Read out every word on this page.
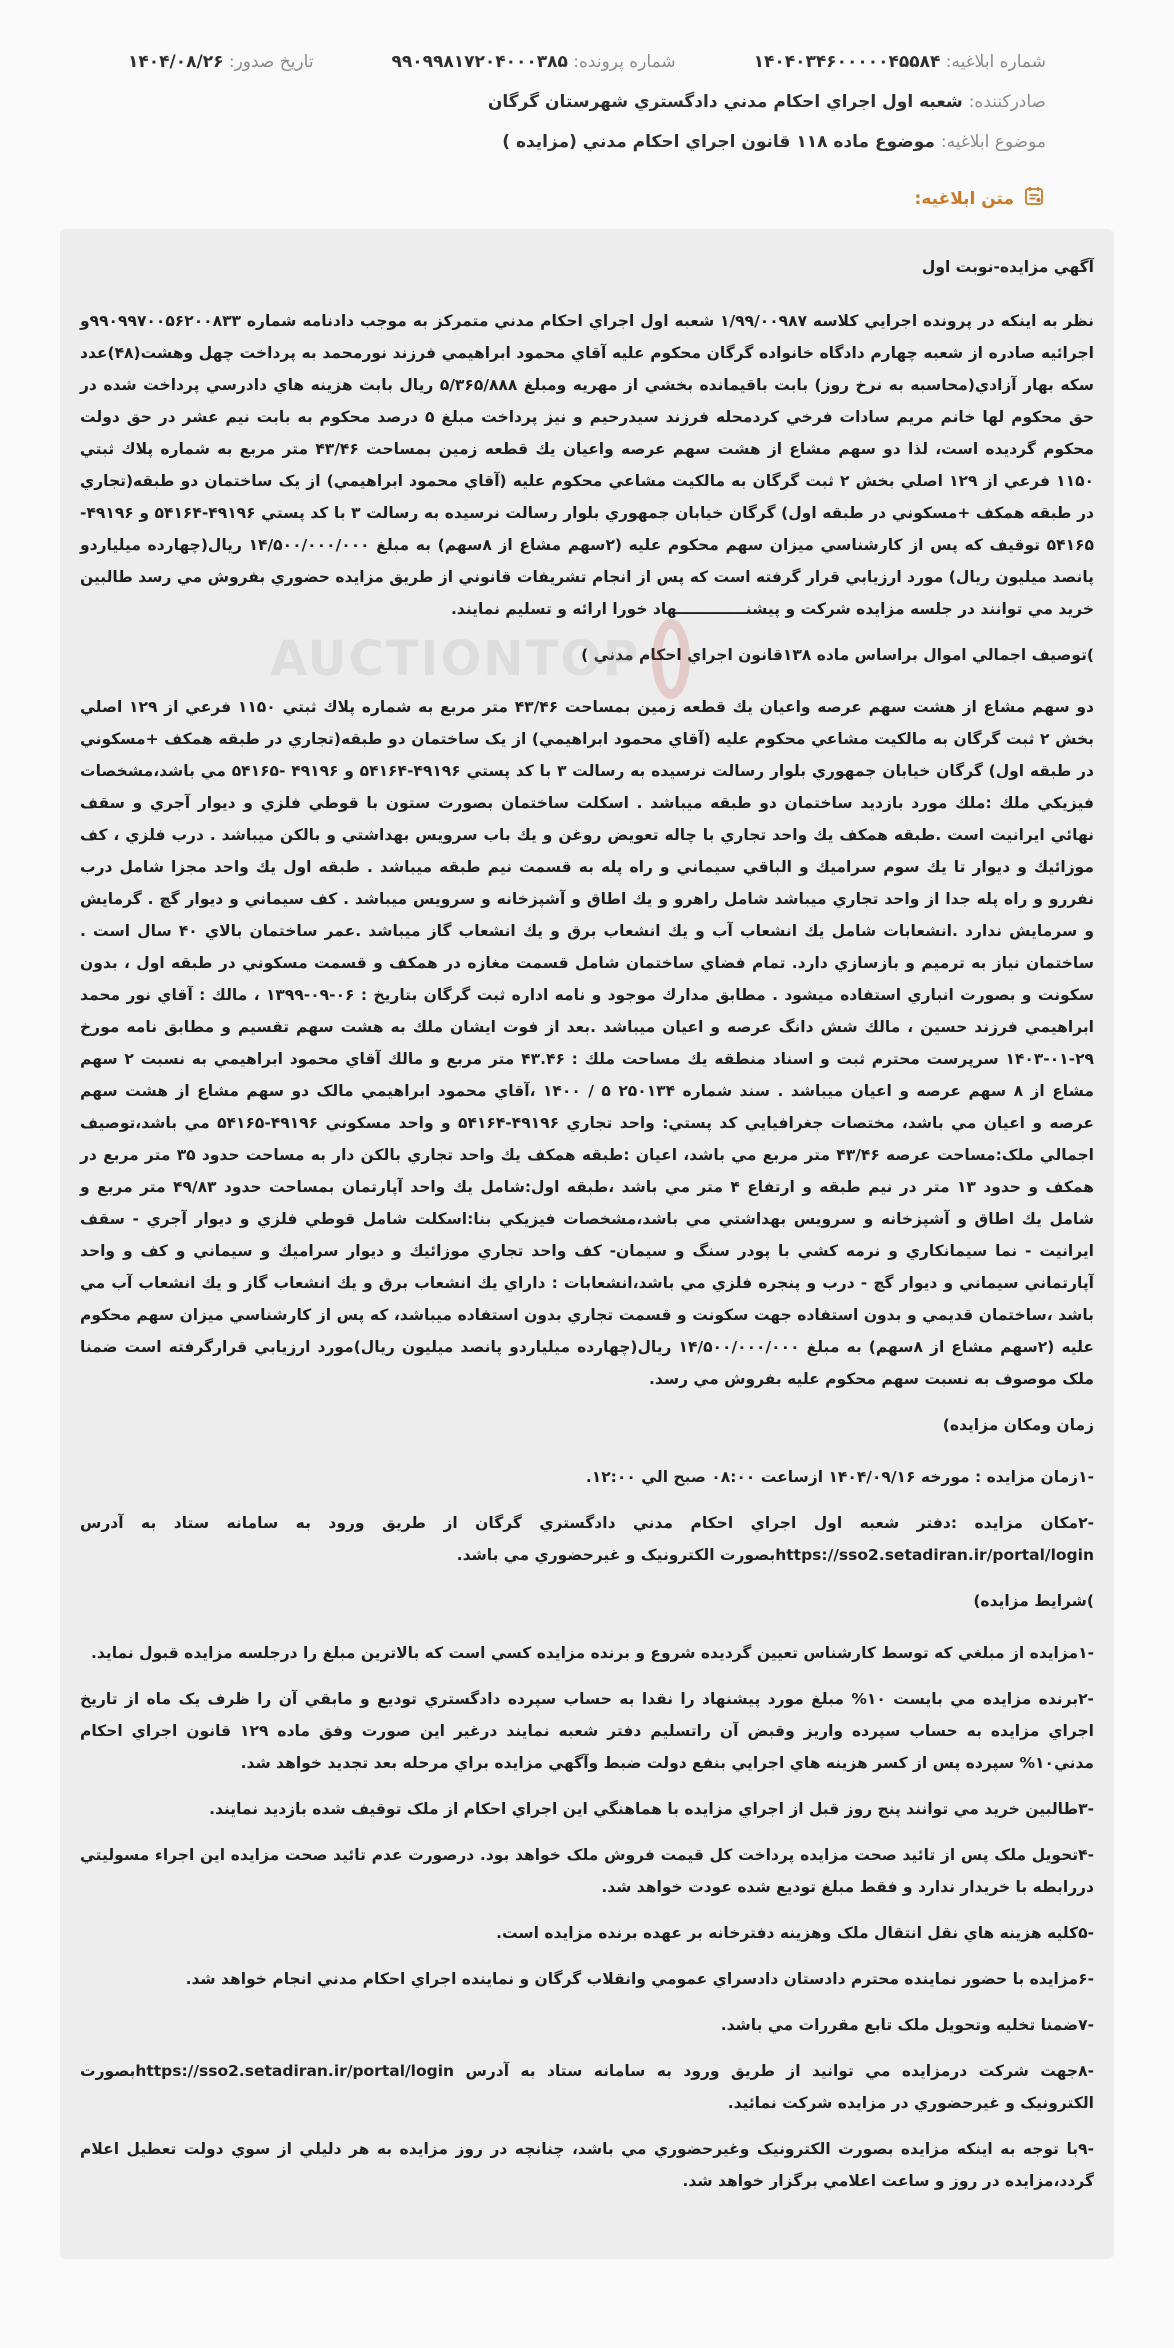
شماره ابلاغيه: ۱۴۰۴۰۳۴۶۰۰۰۰۰۴۵۵۸۴
شماره پرونده: ۹۹۰۹۹۸۱۷۲۰۴۰۰۰۳۸۵
تاريخ صدور: ۱۴۰۴/۰۸/۲۶
صادرکننده:
شعبه اول اجراي احكام مدني دادگستري شهرستان گرگان
موضوع ابلاغيه:
موضوع ماده ۱۱۸ قانون اجراي احكام مدني (مزايده )
متن ابلاغيه:
AUCTIONTOP

آگهي مزايده-نوبت اول

نظر به اينکه در پرونده اجرايي کلاسه ۱/۹۹/۰۰۹۸۷ شعبه اول اجراي احکام مدني متمرکز به موجب دادنامه شماره ۹۹۰۹۹۷۰۰۵۶۲۰۰۸۳۳و اجرائيه صادره از شعبه چهارم دادگاه خانواده گرگان محکوم عليه آقاي محمود ابراهيمي فرزند نورمحمد به پرداخت چهل وهشت(۴۸)عدد سکه بهار آزادي(محاسبه به نرخ روز) بابت باقيمانده بخشي از مهريه ومبلغ ۵/۳۶۵/۸۸۸ ريال بابت هزينه هاي دادرسي پرداخت شده در حق محکوم لها خانم مريم سادات فرخي کردمحله فرزند سيدرحيم و نيز پرداخت مبلغ ۵ درصد محکوم به بابت نيم عشر در حق دولت محکوم گرديده است، لذا دو سهم مشاع از هشت سهم عرصه واعيان يك قطعه زمين بمساحت ۴۳/۴۶ متر مربع به شماره پلاك ثبتي ۱۱۵۰ فرعي از ۱۲۹ اصلي بخش ۲ ثبت گرگان به مالكيت مشاعي محکوم عليه (آقاي محمود ابراهيمي) از يک ساختمان دو طبقه(تجاري در طبقه همکف +مسکوني در طبقه اول) گرگان خيابان جمهوري بلوار رسالت نرسيده به رسالت ۳ با کد پستي ۴۹۱۹۶-۵۴۱۶۴ و ۴۹۱۹۶- ۵۴۱۶۵ توقيف که پس از کارشناسي ميزان سهم محكوم عليه (۲سهم مشاع از ۸سهم) به مبلغ ۱۴/۵۰۰/۰۰۰/۰۰۰ ريال(چهارده ميلياردو پانصد ميليون ريال) مورد ارزيابي قرار گرفته است که پس از انجام تشريفات قانوني از طريق مزايده حضوري بفروش مي رسد طالبين خريد مي توانند در جلسه مزايده شرکت و پيشنـــــــــــــهاد خورا ارائه و تسليم نمايند.

)توصيف اجمالي اموال براساس ماده ۱۳۸قانون اجراي احكام مدني )

دو سهم مشاع از هشت سهم عرصه واعيان يك قطعه زمين بمساحت ۴۳/۴۶ متر مربع به شماره پلاك ثبتي ۱۱۵۰ فرعي از ۱۲۹ اصلي بخش ۲ ثبت گرگان به مالكيت مشاعي محکوم عليه (آقاي محمود ابراهيمي) از يک ساختمان دو طبقه(تجاري در طبقه همکف +مسکوني در طبقه اول) گرگان خيابان جمهوري بلوار رسالت نرسيده به رسالت ۳ با کد پستي ۴۹۱۹۶-۵۴۱۶۴ و ۴۹۱۹۶ -۵۴۱۶۵ مي باشد،مشخصات فيزيکي ملك :ملك مورد بازديد ساختمان دو طبقه ميباشد . اسكلت ساختمان بصورت ستون با قوطي فلزي و ديوار آجري و سقف نهائي ايرانيت است .طبقه همكف يك واحد تجاري با چاله تعويض روغن و يك باب سرويس بهداشتي و بالكن ميباشد . درب فلزي ، كف موزائيك و ديوار تا يك سوم سراميك و الباقي سيماني و راه پله به قسمت نيم طبقه ميباشد . طبقه اول يك واحد مجزا شامل درب نفررو و راه پله جدا از واحد تجاري ميباشد شامل راهرو و يك اطاق و آشپزخانه و سرويس ميباشد . كف سيماني و ديوار گچ . گرمايش و سرمايش ندارد .انشعابات شامل يك انشعاب آب و يك انشعاب برق و يك انشعاب گاز ميباشد .عمر ساختمان بالاي ۴۰ سال است . ساختمان نياز به ترميم و بازسازي دارد. تمام فضاي ساختمان شامل قسمت مغازه در همكف و قسمت مسكوني در طبقه اول ، بدون سكونت و بصورت انباري استفاده ميشود . مطابق مدارك موجود و نامه اداره ثبت گرگان بتاريخ : ۰۶-۰۹-۱۳۹۹ ، مالك : آقاي نور محمد ابراهيمي فرزند حسين ، مالك شش دانگ عرصه و اعيان ميباشد .بعد از فوت ايشان ملك به هشت سهم تقسيم و مطابق نامه مورخ ۲۹-۰۱-۱۴۰۳ سرپرست محترم ثبت و اسناد منطقه يك مساحت ملك : ۴۳.۴۶ متر مربع و مالك آقاي محمود ابراهيمي به نسبت ۲ سهم مشاع از ۸ سهم عرصه و اعيان ميباشد . سند شماره ۲۵۰۱۳۴ ۵ / ۱۴۰۰ ،آقاي محمود ابراهيمي مالک دو سهم مشاع از هشت سهم عرصه و اعيان مي باشد، مختصات جغرافيايي کد پستي: واحد تجاري ۴۹۱۹۶-۵۴۱۶۴ و واحد مسکوني ۴۹۱۹۶-۵۴۱۶۵ مي باشد،توصيف اجمالي ملک:مساحت عرصه ۴۳/۴۶ متر مربع مي باشد، اعيان :طبقه همکف يك واحد تجاري بالكن دار به مساحت حدود ۳۵ متر مربع در همکف و حدود ۱۳ متر در نيم طبقه و ارتفاع ۴ متر مي باشد ،طبقه اول:شامل يك واحد آپارتمان بمساحت حدود ۴۹/۸۳ متر مربع و شامل يك اطاق و آشپزخانه و سرويس بهداشتي مي باشد،مشخصات فيزيکي بنا:اسکلت شامل قوطي فلزي و ديوار آجري - سقف ايرانيت - نما سيمانكاري و نرمه كشي با پودر سنگ و سيمان- كف واحد تجاري موزائيك و ديوار سراميك و سيماني و كف و واحد آپارتماني سيماني و ديوار گچ - درب و پنجره فلزي مي باشد،انشعابات : داراي يك انشعاب برق و يك انشعاب گاز و يك انشعاب آب مي باشد ،ساختمان قديمي و بدون استفاده جهت سكونت و قسمت تجاري بدون استفاده ميباشد، كه پس از كارشناسي ميزان سهم محکوم عليه (۲سهم مشاع از ۸سهم) به مبلغ ۱۴/۵۰۰/۰۰۰/۰۰۰ ريال(چهارده ميلياردو پانصد ميليون ريال)مورد ارزيابي قرارگرفته است ضمنا ملک موصوف به نسبت سهم محکوم عليه بفروش مي رسد.

زمان ومكان مزايده)

-۱زمان مزايده : مورخه ۱۴۰۴/۰۹/۱۶ ازساعت ۰۸:۰۰ صبح الي ۱۲:۰۰.

-۲مکان مزايده :دفتر شعبه اول اجراي احکام مدني دادگستري گرگان از طريق ورود به سامانه ستاد به آدرس https://sso2.setadiran.ir/portal/loginبصورت الکترونيک و غيرحضوري مي باشد.

)شرايط مزايده)

-۱مزايده از مبلغي که توسط کارشناس تعيين گرديده شروع و برنده مزايده کسي است که بالاترين مبلغ را درجلسه مزايده قبول نمايد.

-۲برنده مزايده مي بايست ۱۰% مبلغ مورد پيشنهاد را نقدا به حساب سپرده دادگستري توديع و مابقي آن را ظرف يک ماه از تاريخ اجراي مزايده به حساب سپرده واريز وقبض آن راتسليم دفتر شعبه نمايند درغير اين صورت وفق ماده ۱۲۹ قانون اجراي احکام مدني۱۰% سپرده پس از کسر هزينه هاي اجرايي بنفع دولت ضبط وآگهي مزايده براي مرحله بعد تجديد خواهد شد.

-۳طالبين خريد مي توانند پنج روز قبل از اجراي مزايده با هماهنگي اين اجراي احکام از ملک توقيف شده بازديد نمايند.

-۴تحويل ملک پس از تائيد صحت مزايده پرداخت کل قيمت فروش ملک خواهد بود. درصورت عدم تائيد صحت مزايده اين اجراء مسوليتي دررابطه با خريدار ندارد و فقط مبلغ توديع شده عودت خواهد شد.

-۵کليه هزينه هاي نقل انتقال ملک وهزينه دفترخانه بر عهده برنده مزايده است.

-۶مزايده با حضور نماينده محترم دادستان دادسراي عمومي وانقلاب گرگان و نماينده اجراي احكام مدني انجام خواهد شد.

-۷ضمنا تخليه وتحويل ملک تابع مقررات مي باشد.

-۸جهت شرکت درمزايده مي توانيد از طريق ورود به سامانه ستاد به آدرس https://sso2.setadiran.ir/portal/loginبصورت الکترونيک و غيرحضوري در مزايده شرکت نمائيد.

-۹با توجه به اينکه مزايده بصورت الکترونيک وغيرحضوري مي باشد، چنانچه در روز مزايده به هر دليلي از سوي دولت تعطيل اعلام گردد،مزايده در روز و ساعت اعلامي برگزار خواهد شد.
